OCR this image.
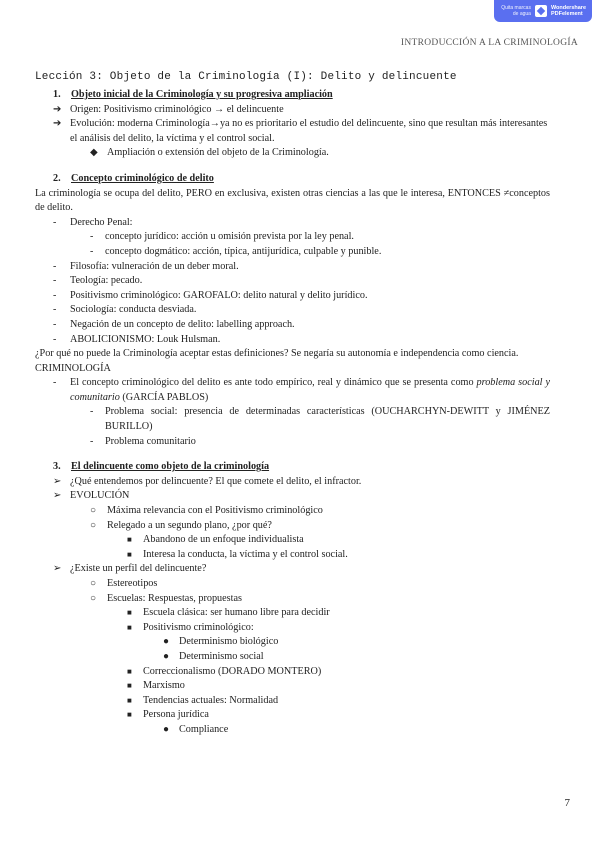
Quita marcas de agua
Wondershare
PDFelement
INTRODUCCIÓN A LA CRIMINOLOGÍA
Lección 3: Objeto de la Criminología (I): Delito y delincuente
1. Objeto inicial de la Criminología y su progresiva ampliación
➔ Origen: Positivismo criminológico → el delincuente
➔ Evolución: moderna Criminología→ya no es prioritario el estudio del delincuente, sino que resultan más interesantes el análisis del delito, la víctima y el control social.
◆ Ampliación o extensión del objeto de la Criminología.
2. Concepto criminológico de delito

La criminología se ocupa del delito, PERO en exclusiva, existen otras ciencias a las que le interesa, ENTONCES ≠conceptos de delito.

- Derecho Penal:
- concepto jurídico: acción u omisión prevista por la ley penal.
- concepto dogmático: acción, típica, antijurídica, culpable y punible.
- Filosofía: vulneración de un deber moral.
- Teología: pecado.
- Positivismo criminológico: GAROFALO: delito natural y delito jurídico.
- Sociología: conducta desviada.
- Negación de un concepto de delito: labelling approach.
- ABOLICIONISMO: Louk Hulsman.

¿Por qué no puede la Criminología aceptar estas definiciones? Se negaría su autonomía e independencia como ciencia.

CRIMINOLOGÍA
- El concepto criminológico del delito es ante todo empírico, real y dinámico que se presenta como problema social y comunitario (GARCÍA PABLOS)
- Problema social: presencia de determinadas características (OUCHARCHYN-DEWITT y JIMÉNEZ BURILLO)
- Problema comunitario
3. El delincuente como objeto de la criminología
➢ ¿Qué entendemos por delincuente? El que comete el delito, el infractor.
➢ EVOLUCIÓN
○ Máxima relevancia con el Positivismo criminológico
○ Relegado a un segundo plano, ¿por qué?
■ Abandono de un enfoque individualista
■ Interesa la conducta, la víctima y el control social.
➢ ¿Existe un perfil del delincuente?
○ Estereotipos
○ Escuelas: Respuestas, propuestas
■ Escuela clásica: ser humano libre para decidir
■ Positivismo criminológico:
● Determinismo biológico
● Determinismo social
■ Correccionalismo (DORADO MONTERO)
■ Marxismo
■ Tendencias actuales: Normalidad
■ Persona jurídica
● Compliance
7
